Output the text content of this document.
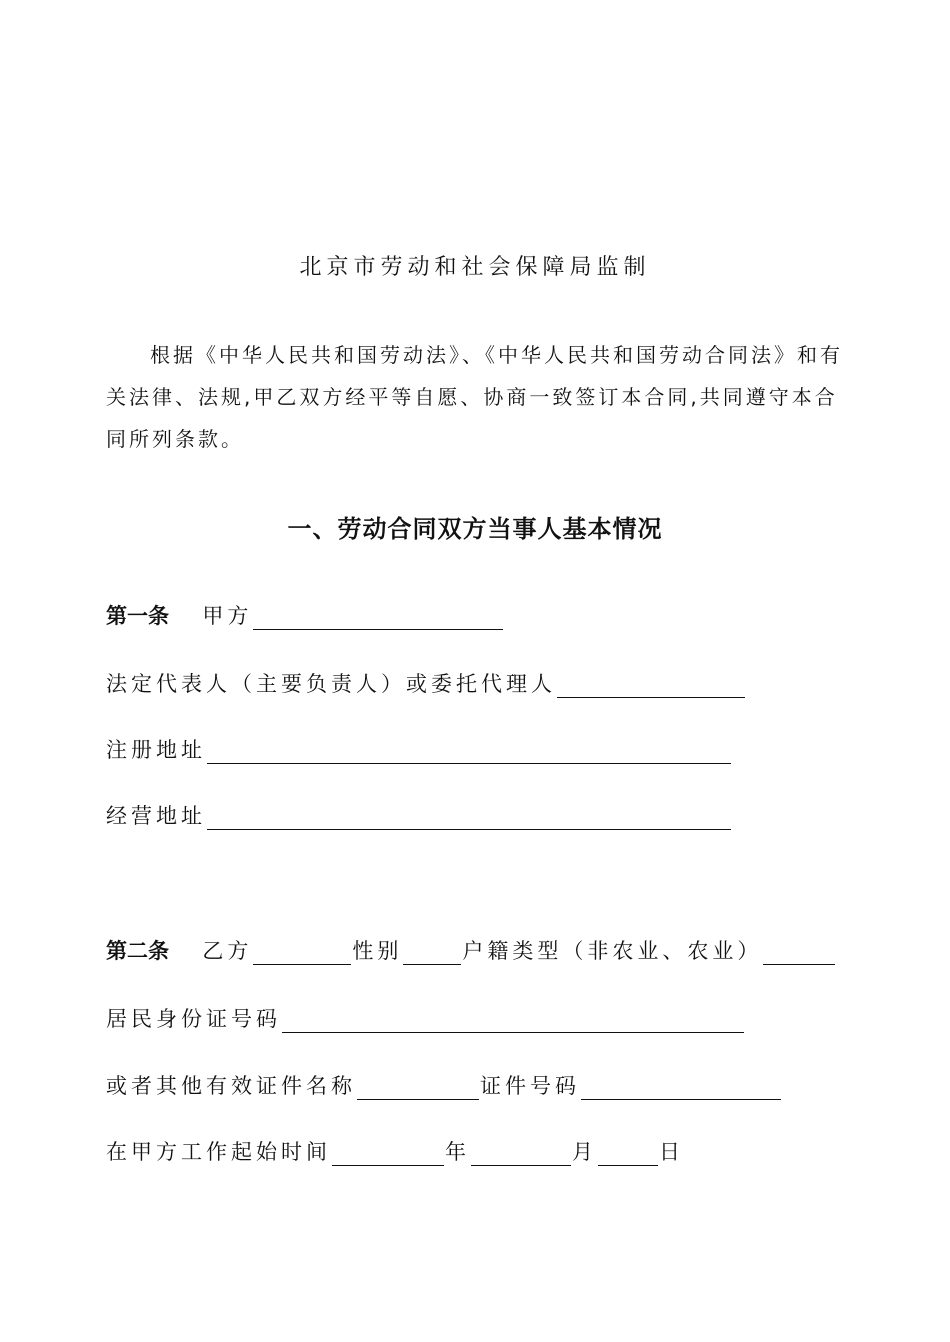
北京市劳动和社会保障局监制
根据《中华人民共和国劳动法》、《中华人民共和国劳动合同法》和有关法律、法规,甲乙双方经平等自愿、协商一致签订本合同,共同遵守本合同所列条款。
一、劳动合同双方当事人基本情况
第一条 甲方
法定代表人（主要负责人）或委托代理人
注册地址
经营地址
第二条 乙方	性别	户籍类型（非农业、农业）
居民身份证号码
或者其他有效证件名称	证件号码
在甲方工作起始时间	年	月	日
